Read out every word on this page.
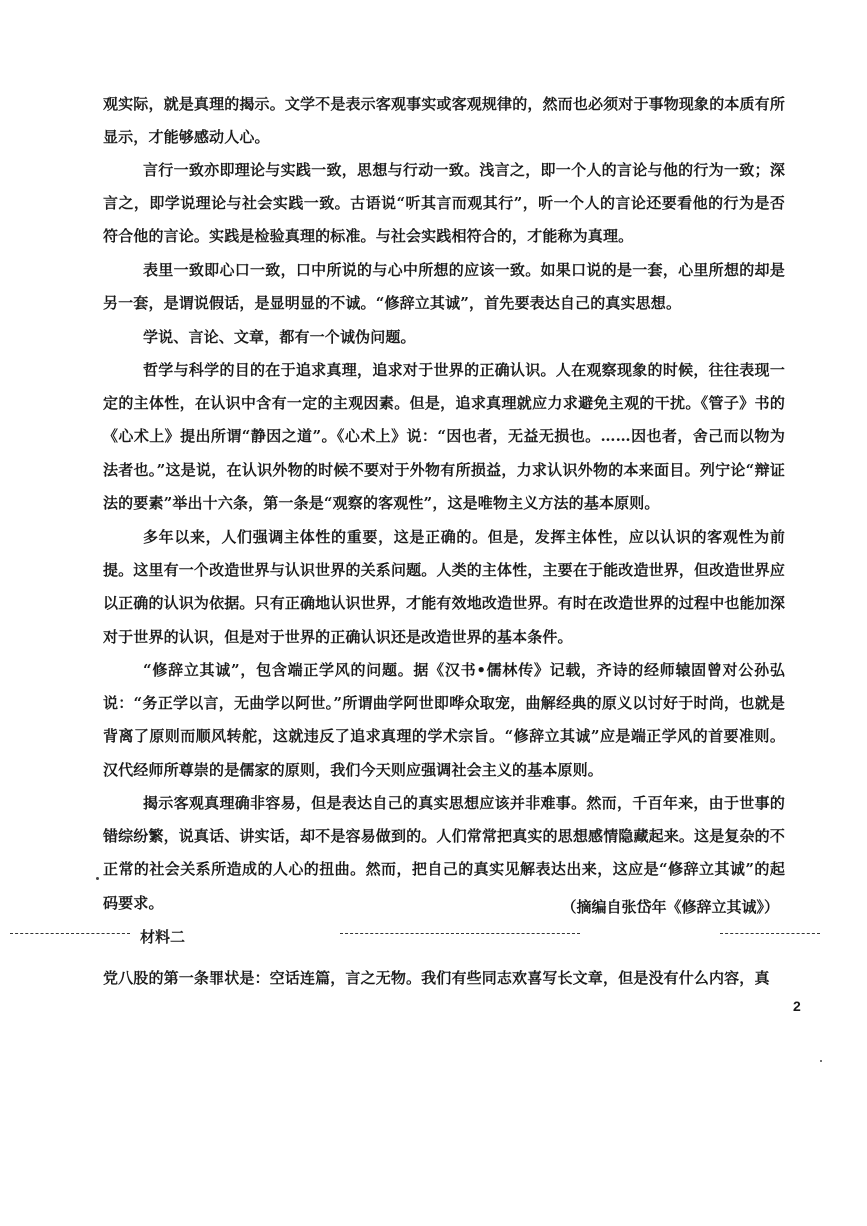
观实际，就是真理的揭示。文学不是表示客观事实或客观规律的，然而也必须对于事物现象的本质有所显示，才能够感动人心。

言行一致亦即理论与实践一致，思想与行动一致。浅言之，即一个人的言论与他的行为一致；深言之，即学说理论与社会实践一致。古语说“听其言而观其行”，听一个人的言论还要看他的行为是否符合他的言论。实践是检验真理的标准。与社会实践相符合的，才能称为真理。

表里一致即心口一致，口中所说的与心中所想的应该一致。如果口说的是一套，心里所想的却是另一套，是谓说假话，是显明显的不诚。“修辞立其诚”，首先要表达自己的真实思想。

学说、言论、文章，都有一个诚伪问题。

哲学与科学的目的在于追求真理，追求对于世界的正确认识。人在观察现象的时候，往往表现一定的主体性，在认识中含有一定的主观因素。但是，追求真理就应力求避免主观的干扰。《管子》书的《心术上》提出所谓“静因之道”。《心术上》说：“因也者，无益无损也。……因也者，舍己而以物为法者也。”这是说，在认识外物的时候不要对于外物有所损益，力求认识外物的本来面目。列宁论“辩证法的要素”举出十六条，第一条是“观察的客观性”，这是唯物主义方法的基本原则。

多年以来，人们强调主体性的重要，这是正确的。但是，发挥主体性，应以认识的客观性为前提。这里有一个改造世界与认识世界的关系问题。人类的主体性，主要在于能改造世界，但改造世界应以正确的认识为依据。只有正确地认识世界，才能有效地改造世界。有时在改造世界的过程中也能加深对于世界的认识，但是对于世界的正确认识还是改造世界的基本条件。

“修辞立其诚”，包含端正学风的问题。据《汉书•儒林传》记载，齐诗的经师辕固曾对公孙弘说：“务正学以言，无曲学以阿世。”所谓曲学阿世即哗众取宠，曲解经典的原义以讨好于时尚，也就是背离了原则而顺风转舵，这就违反了追求真理的学术宗旨。“修辞立其诚”应是端正学风的首要准则。汉代经师所尊崇的是儒家的原则，我们今天则应强调社会主义的基本原则。

揭示客观真理确非容易，但是表达自己的真实思想应该并非难事。然而，千百年来，由于世事的错综纷繁，说真话、讲实话，却不是容易做到的。人们常常把真实的思想感情隐藏起来。这是复杂的不正常的社会关系所造成的人心的扭曲。然而，把自己的真实见解表达出来，这应是“修辞立其诚”的起码要求。	（摘编自张岱年《修辞立其诚》）
材料二

党八股的第一条罪状是：空话连篇，言之无物。我们有些同志欢喜写长文章，但是没有什么内容，真

2
